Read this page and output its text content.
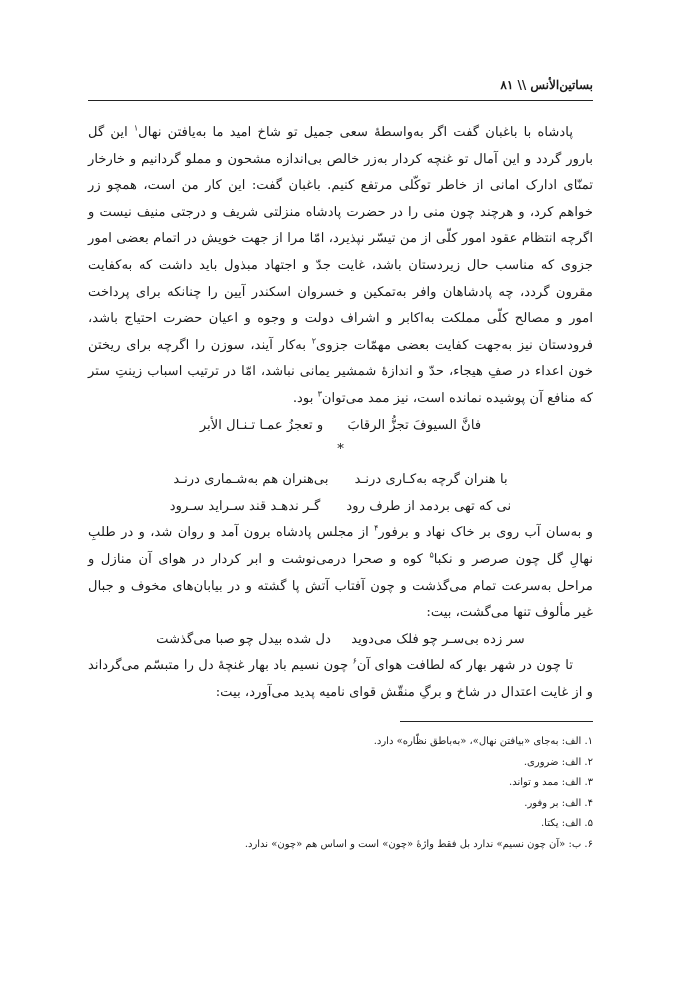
بساتین‌الأنس \\ ۸۱

پادشاه با باغبان گفت اگر به‌واسطهٔ سعی جمیل تو شاخ امید ما به‌یافتن نهال$^۱$ این گل بارور گردد و این آمال تو غنچه کردار به‌زر خالص بی‌اندازه مشحون و مملو گردانیم و خارخار تمنّای ادارک امانی از خاطر توکّلی مرتفع کنیم. باغبان گفت: این کار من است، همچو زر خواهم کرد، و هرچند چون منی را در حضرت پادشاه منزلتی شریف و درجتی منیف نیست و اگرچه انتظام عقود امور کلّی از من تیسّر نپذیرد، امّا مرا از جهت خویش در اتمام بعضی امور جزوی که مناسب حال زیردستان باشد، غایت جدّ و اجتهاد مبذول باید داشت که به‌کفایت مقرون گردد، چه پادشاهان وافر به‌تمکین و خسروان اسکندر آیین را چنانکه برای پرداخت امور و مصالح کلّی مملکت به‌اکابر و اشراف دولت و وجوه و اعیان حضرت احتیاج باشد، فرودستان نیز به‌جهت کفایت بعضی مهمّات جزوی$^۲$ به‌کار آیند، سوزن را اگرچه برای ریختن خون اعداء در صفِ هیجاء، حدّ و اندازهٔ شمشیر یمانی نباشد، امّا در ترتیب اسباب زینتِ ستر که منافع آن پوشیده نمانده است، نیز ممد می‌توان$^۳$ بود.

فانَّ السیوفَ تجزُّ الرقابَ و تعجزُ عمـا تـنـال الأبر
*
با هنران گرچه به‌کـاری درنـد
بی‌هنران هم به‌شـماری درنـد
نی که تهی بردمد از طرف رود
گـر ندهـد قند سـراید سـرود

و به‌سان آب روی بر خاک نهاد و برفور$^۴$ از مجلس پادشاه برون آمد و روان شد، و در طلبِ نهالِ گل چون صرصر و نکبا$^۵$ کوه و صحرا درمی‌نوشت و ابر کردار در هوای آن منازل و مراحل به‌سرعت تمام می‌گذشت و چون آفتاب آتش پا گشته و در بیابان‌های مخوف و جبال غیر مألوف تنها می‌گشت، بیت:

سر زده بی‌سـر چو فلک می‌دوید دل شده بیدل چو صبا می‌گذشت

تا چون در شهر بهار که لطافت هوای آن$^۶$ چون نسیم باد بهار غنچهٔ دل را متبسّم می‌گرداند و از غایت اعتدال در شاخ و برگِ منقّش قوای نامیه پدید می‌آورد، بیت:

۱. الف: به‌جای «بیافتن نهال»، «به‌باطق نظّاره» دارد.

۲. الف: ضروری.

۳. الف: ممد و تواند.

۴. الف: بر وفور.

۵. الف: یکتا.

۶. ب: «آن چون نسیم» ندارد بل فقط واژهٔ «چون» است و اساس هم «چون» ندارد.
